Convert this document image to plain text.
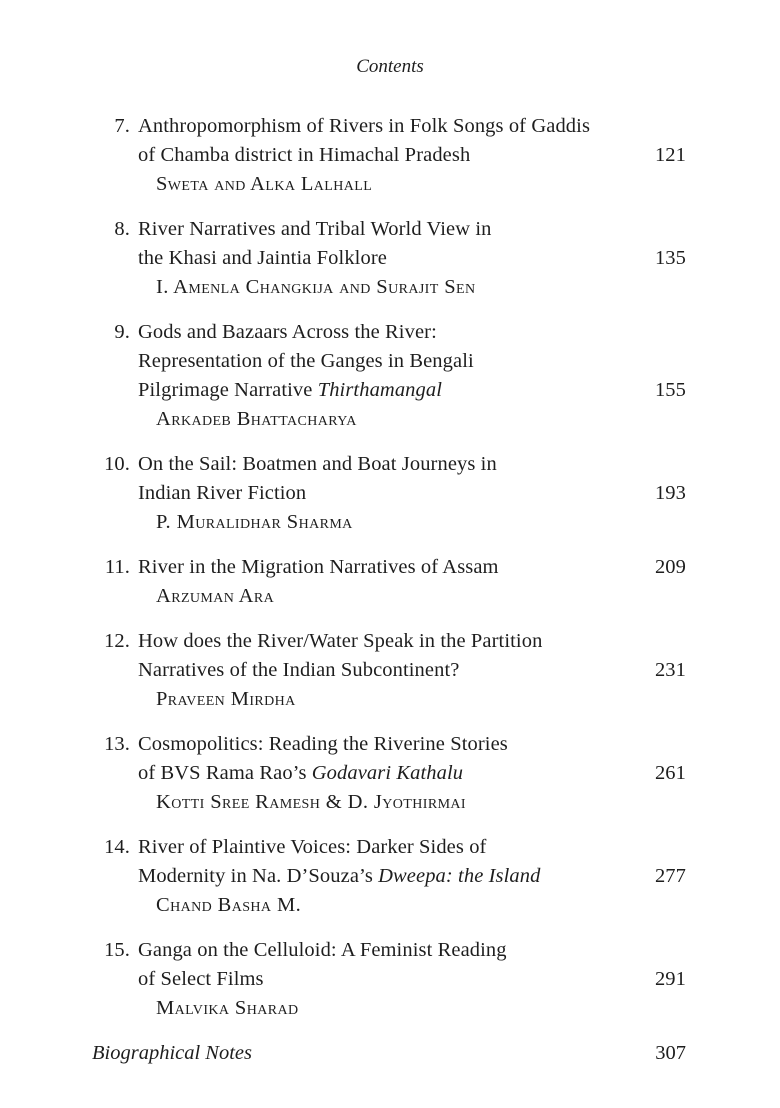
Contents
7. Anthropomorphism of Rivers in Folk Songs of Gaddis
of Chamba district in Himachal Pradesh	121
Sweta and Alka Lalhall
8. River Narratives and Tribal World View in
the Khasi and Jaintia Folklore	135
I. Amenla Changkija and Surajit Sen
9. Gods and Bazaars Across the River:
Representation of the Ganges in Bengali
Pilgrimage Narrative Thirthamangal	155
Arkadeb Bhattacharya
10. On the Sail: Boatmen and Boat Journeys in
Indian River Fiction	193
P. Muralidhar Sharma
11. River in the Migration Narratives of Assam	209
Arzuman Ara
12. How does the River/Water Speak in the Partition
Narratives of the Indian Subcontinent?	231
Praveen Mirdha
13. Cosmopolitics: Reading the Riverine Stories
of BVS Rama Rao’s Godavari Kathalu	261
Kotti Sree Ramesh & D. Jyothirmai
14. River of Plaintive Voices: Darker Sides of
Modernity in Na. D’Souza’s Dweepa: the Island	277
Chand Basha M.
15. Ganga on the Celluloid: A Feminist Reading
of Select Films	291
Malvika Sharad
Biographical Notes	307
